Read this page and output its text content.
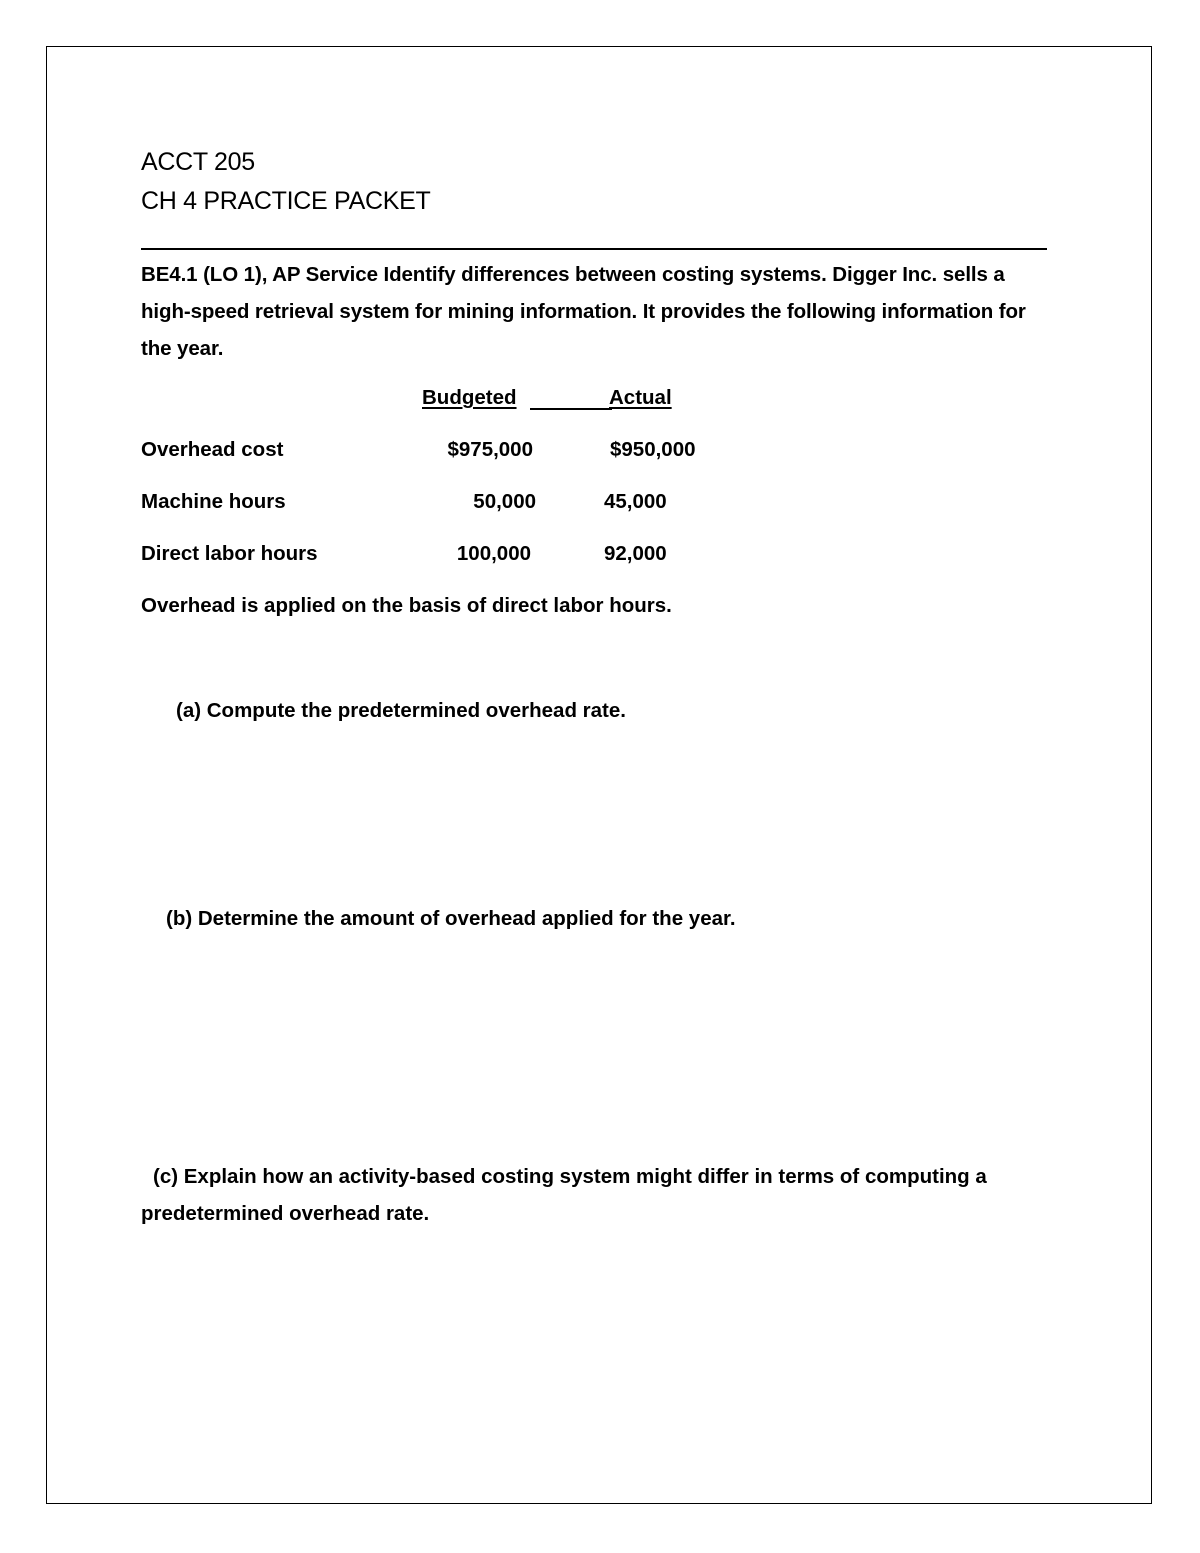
ACCT 205
CH 4 PRACTICE PACKET
BE4.1 (LO 1), AP Service Identify differences between costing systems. Digger Inc. sells a high-speed retrieval system for mining information. It provides the following information for the year.
Budgeted	Actual
Overhead cost	$975,000	$950,000
Machine hours	50,000	45,000
Direct labor hours	100,000	92,000
Overhead is applied on the basis of direct labor hours.
(a) Compute the predetermined overhead rate.
(b) Determine the amount of overhead applied for the year.
(c) Explain how an activity-based costing system might differ in terms of computing a predetermined overhead rate.
